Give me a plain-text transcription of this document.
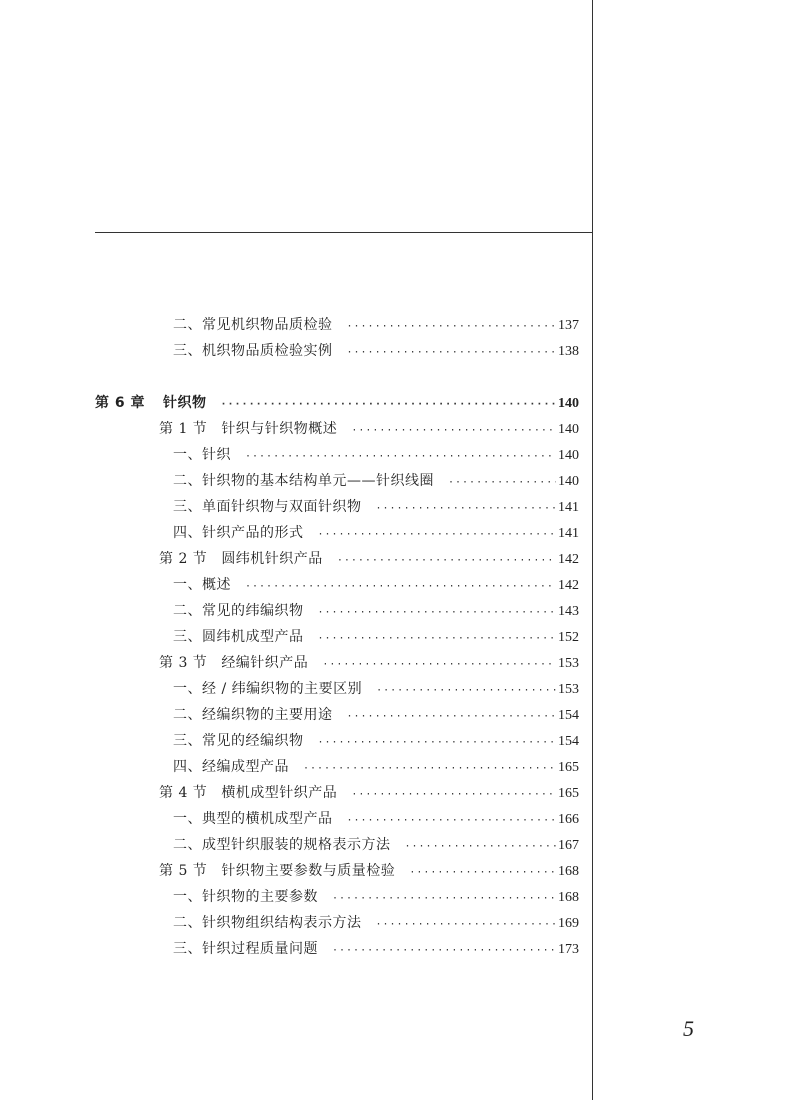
二、常见机织物品质检验 ·····	137
三、机织物品质检验实例 ·····	138
第 6 章 针织物 ·····	140
第 1 节 针织与针织物概述 ·····	140
一、针织 ·····	140
二、针织物的基本结构单元——针织线圈 ·····	140
三、单面针织物与双面针织物 ·····	141
四、针织产品的形式 ·····	141
第 2 节 圆纬机针织产品 ·····	142
一、概述 ·····	142
二、常见的纬编织物 ·····	143
三、圆纬机成型产品 ·····	152
第 3 节 经编针织产品 ·····	153
一、经 / 纬编织物的主要区别 ·····	153
二、经编织物的主要用途 ·····	154
三、常见的经编织物 ·····	154
四、经编成型产品 ·····	165
第 4 节 横机成型针织产品 ·····	165
一、典型的横机成型产品 ·····	166
二、成型针织服装的规格表示方法 ·····	167
第 5 节 针织物主要参数与质量检验 ·····	168
一、针织物的主要参数 ·····	168
二、针织物组织结构表示方法 ·····	169
三、针织过程质量问题 ·····	173
5
